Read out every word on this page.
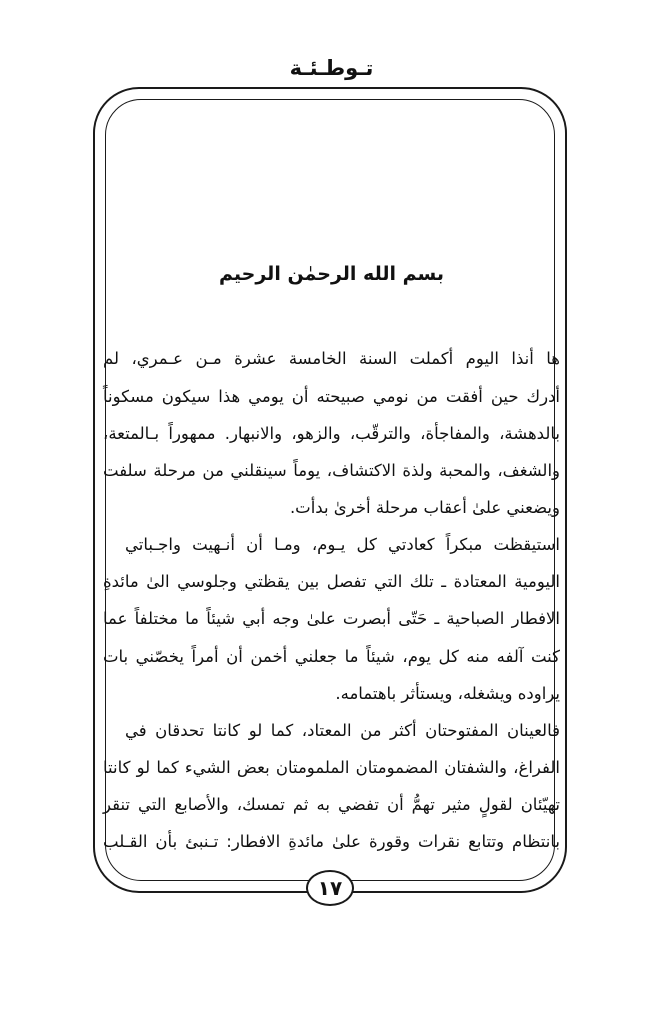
تـوطـئـة
بسم الله الرحمٰن الرحيم
ها أنذا اليوم أكملت السنة الخامسة عشرة مـن عـمري، لم
أدرك حين أفقت من نومي صبيحته أن يومي هذا سيكون مسكوناً
بالدهشة، والمفاجأة، والترقّب، والزهو، والانبهار. ممهوراً بـالمتعة،
والشغف، والمحبة ولذة الاكتشاف، يوماً سينقلني من مرحلة سلفت
ويضعني علىٰ أعقاب مرحلة أخرىٰ بدأت.
استيقظت مبكراً كعادتي كل يـوم، ومـا أن أنـهيت واجـباتي
اليومية المعتادة ـ تلك التي تفصل بين يقظتي وجلوسي الىٰ مائدةِ
الافطار الصباحية ـ حَتّى أبصرت علىٰ وجه أبي شيئاً ما مختلفاً عما
كنت آلفه منه كل يوم، شيئاً ما جعلني أخمن أن أمراً يخصّني بات
يراوده ويشغله، ويستأثر باهتمامه.
فالعينان المفتوحتان أكثر من المعتاد، كما لو كانتا تحدقان في
الفراغ، والشفتان المضمومتان الملمومتان بعض الشيء كما لو كانتا
تهيّئان لقولٍ مثير تهمُّ أن تفضي به ثم تمسك، والأصابع التي تنقر
بانتظام وتتابع نقرات وقورة علىٰ مائدةِ الافطار: تـنبئ بأن القـلب
١٧
